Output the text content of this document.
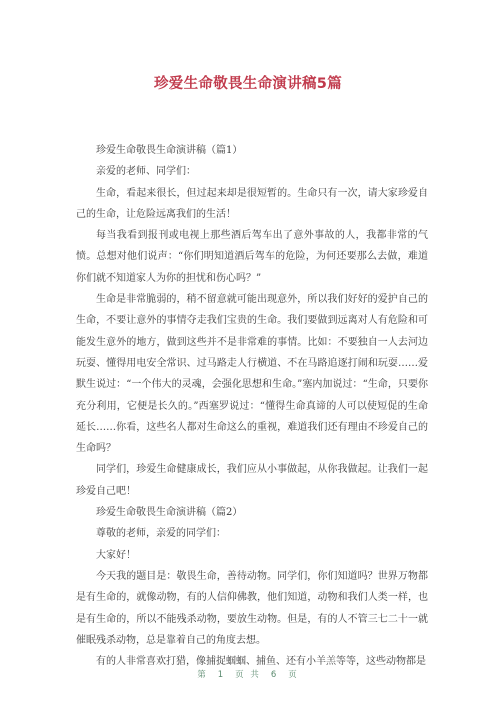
珍爱生命敬畏生命演讲稿5篇

珍爱生命敬畏生命演讲稿（篇1）

亲爱的老师、同学们：

生命，看起来很长，但过起来却是很短暂的。生命只有一次，请大家珍爱自己的生命，让危险远离我们的生活！

每当我看到报刊或电视上那些酒后驾车出了意外事故的人，我都非常的气愤。总想对他们说声：“你们明知道酒后驾车的危险，为何还要那么去做，难道你们就不知道家人为你的担忧和伤心吗？”

生命是非常脆弱的，稍不留意就可能出现意外，所以我们好好的爱护自己的生命，不要让意外的事情夺走我们宝贵的生命。我们要做到远离对人有危险和可能发生意外的地方，做到这些并不是非常难的事情。比如：不要独自一人去河边玩耍、懂得用电安全常识、过马路走人行横道、不在马路追逐打闹和玩耍……爱默生说过：“一个伟大的灵魂，会强化思想和生命。”塞内加说过：“生命，只要你充分利用，它便是长久的。”西塞罗说过：“懂得生命真谛的人可以使短促的生命延长……你看，这些名人都对生命这么的重视，难道我们还有理由不珍爱自己的生命吗？

同学们，珍爱生命健康成长，我们应从小事做起，从你我做起。让我们一起珍爱自己吧！

珍爱生命敬畏生命演讲稿（篇2）

尊敬的老师，亲爱的同学们：

大家好！

今天我的题目是：敬畏生命，善待动物。同学们，你们知道吗？世界万物都是有生命的，就像动物，有的人信仰佛教，他们知道，动物和我们人类一样，也是有生命的，所以不能残杀动物，要放生动物。但是，有的人不管三七二十一就催眠残杀动物，总是靠着自己的角度去想。

有的人非常喜欢打猎，像捕捉蝈蝈、捕鱼、还有小羊羔等等，这些动物都是

第 1 页 共 6 页
